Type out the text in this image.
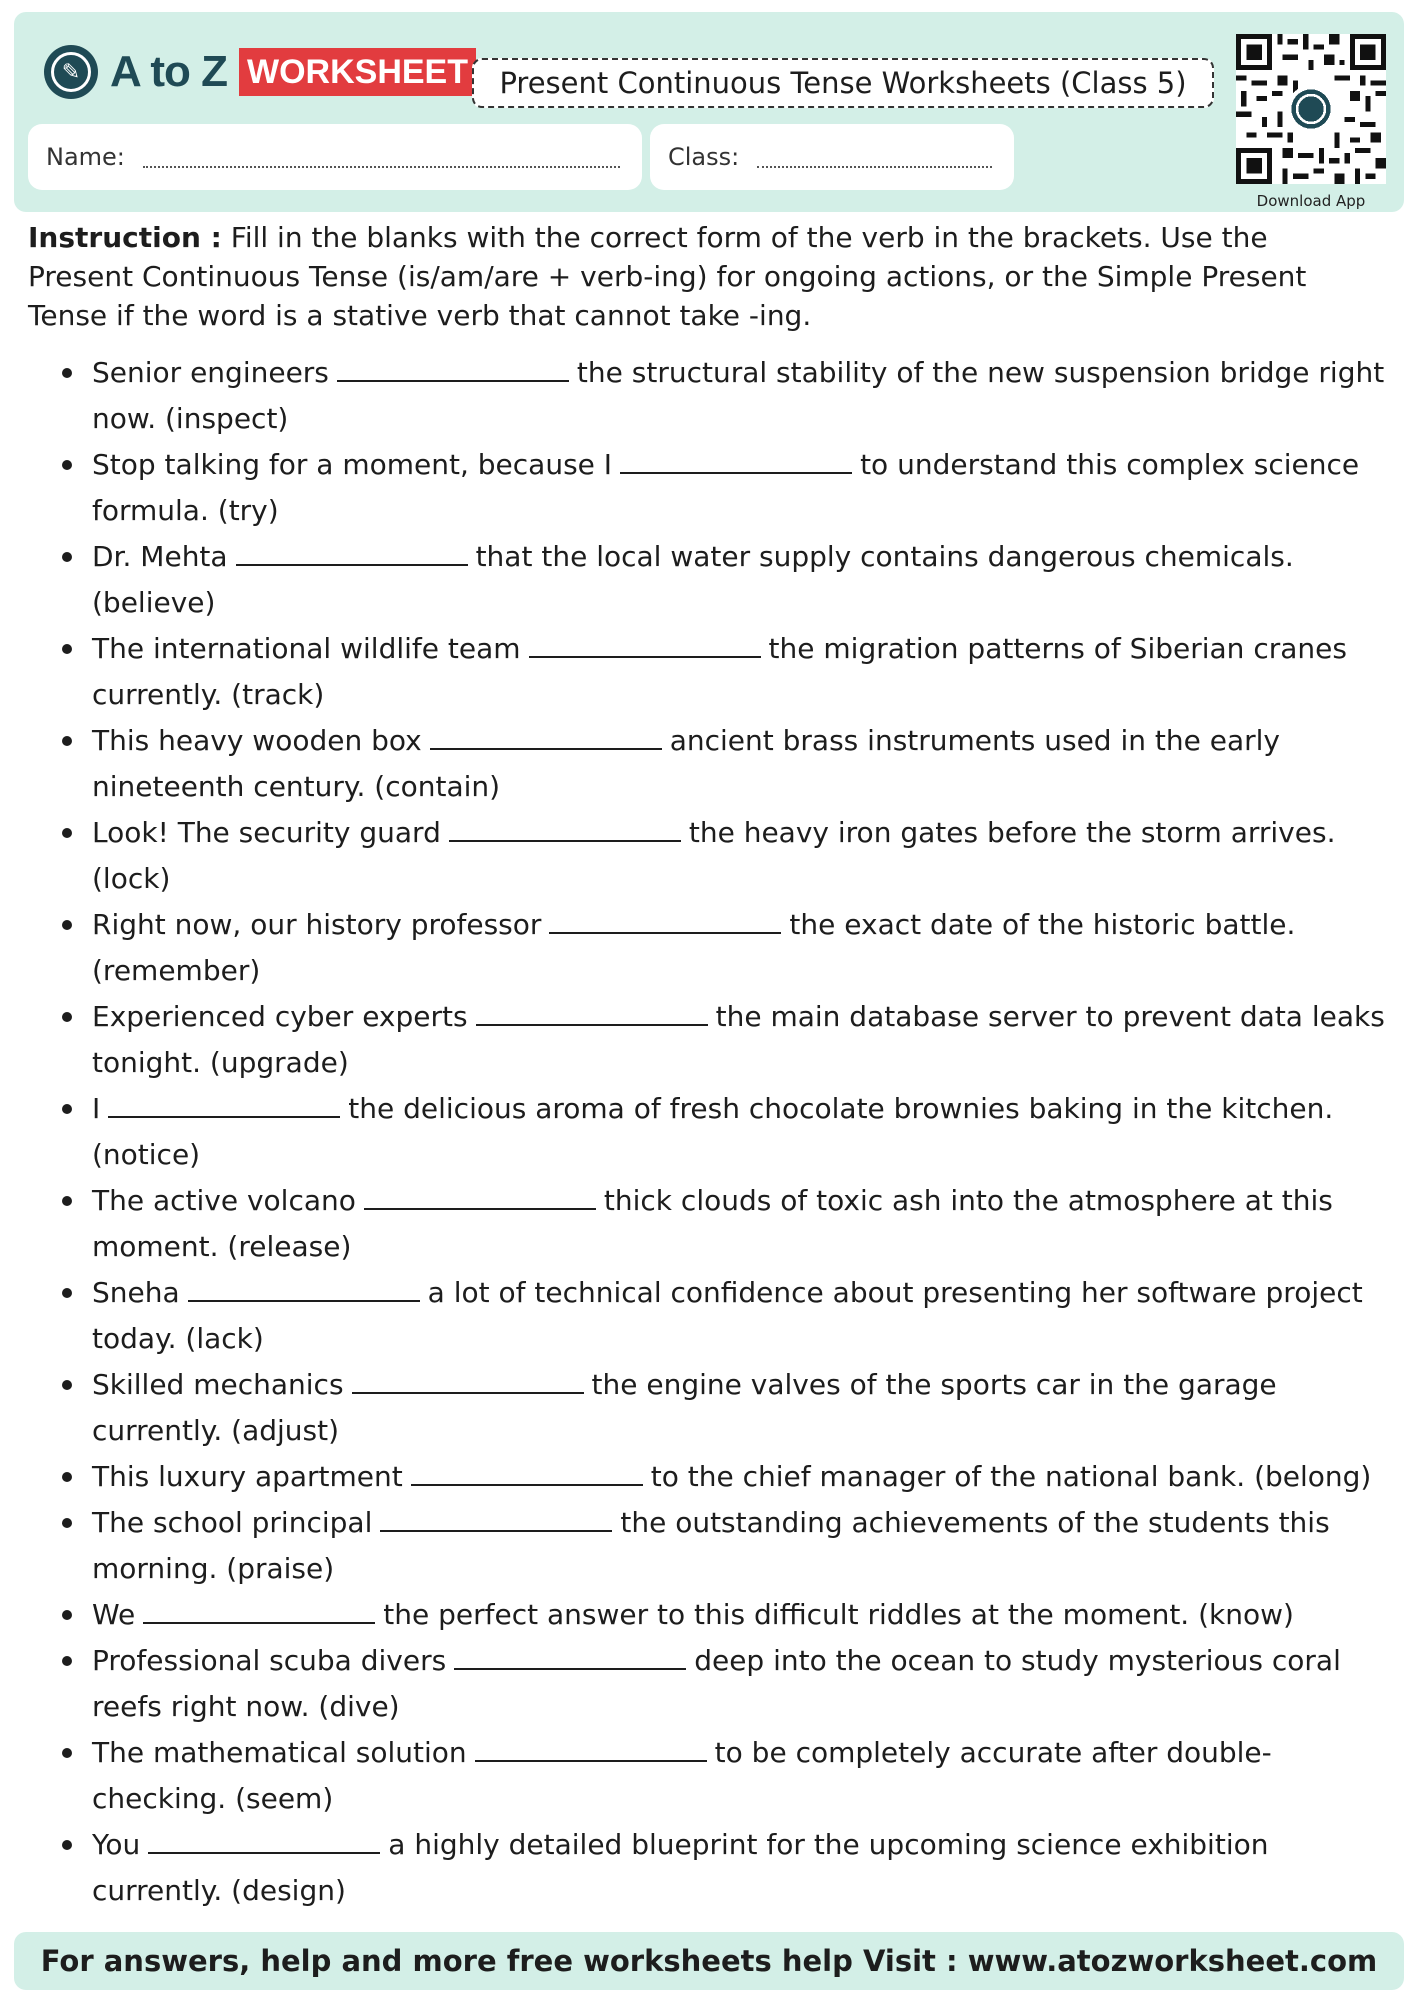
✎ A to Z WORKSHEET	Present Continuous Tense Worksheets (Class 5)
Name:	Class:
Download App
Instruction : Fill in the blanks with the correct form of the verb in the brackets. Use the Present Continuous Tense (is/am/are + verb-ing) for ongoing actions, or the Simple Present Tense if the word is a stative verb that cannot take -ing.
Senior engineers	the structural stability of the new suspension bridge right now. (inspect)
Stop talking for a moment, because I	to understand this complex science formula. (try)
Dr. Mehta	that the local water supply contains dangerous chemicals. (believe)
The international wildlife team	the migration patterns of Siberian cranes currently. (track)
This heavy wooden box	ancient brass instruments used in the early nineteenth century. (contain)
Look! The security guard	the heavy iron gates before the storm arrives. (lock)
Right now, our history professor	the exact date of the historic battle. (remember)
Experienced cyber experts	the main database server to prevent data leaks tonight. (upgrade)
I	the delicious aroma of fresh chocolate brownies baking in the kitchen. (notice)
The active volcano	thick clouds of toxic ash into the atmosphere at this moment. (release)
Sneha	a lot of technical confidence about presenting her software project today. (lack)
Skilled mechanics	the engine valves of the sports car in the garage currently. (adjust)
This luxury apartment	to the chief manager of the national bank. (belong)
The school principal	the outstanding achievements of the students this morning. (praise)
We	the perfect answer to this difficult riddles at the moment. (know)
Professional scuba divers	deep into the ocean to study mysterious coral reefs right now. (dive)
The mathematical solution	to be completely accurate after double-checking. (seem)
You	a highly detailed blueprint for the upcoming science exhibition currently. (design)
For answers, help and more free worksheets help Visit : www.atozworksheet.com
